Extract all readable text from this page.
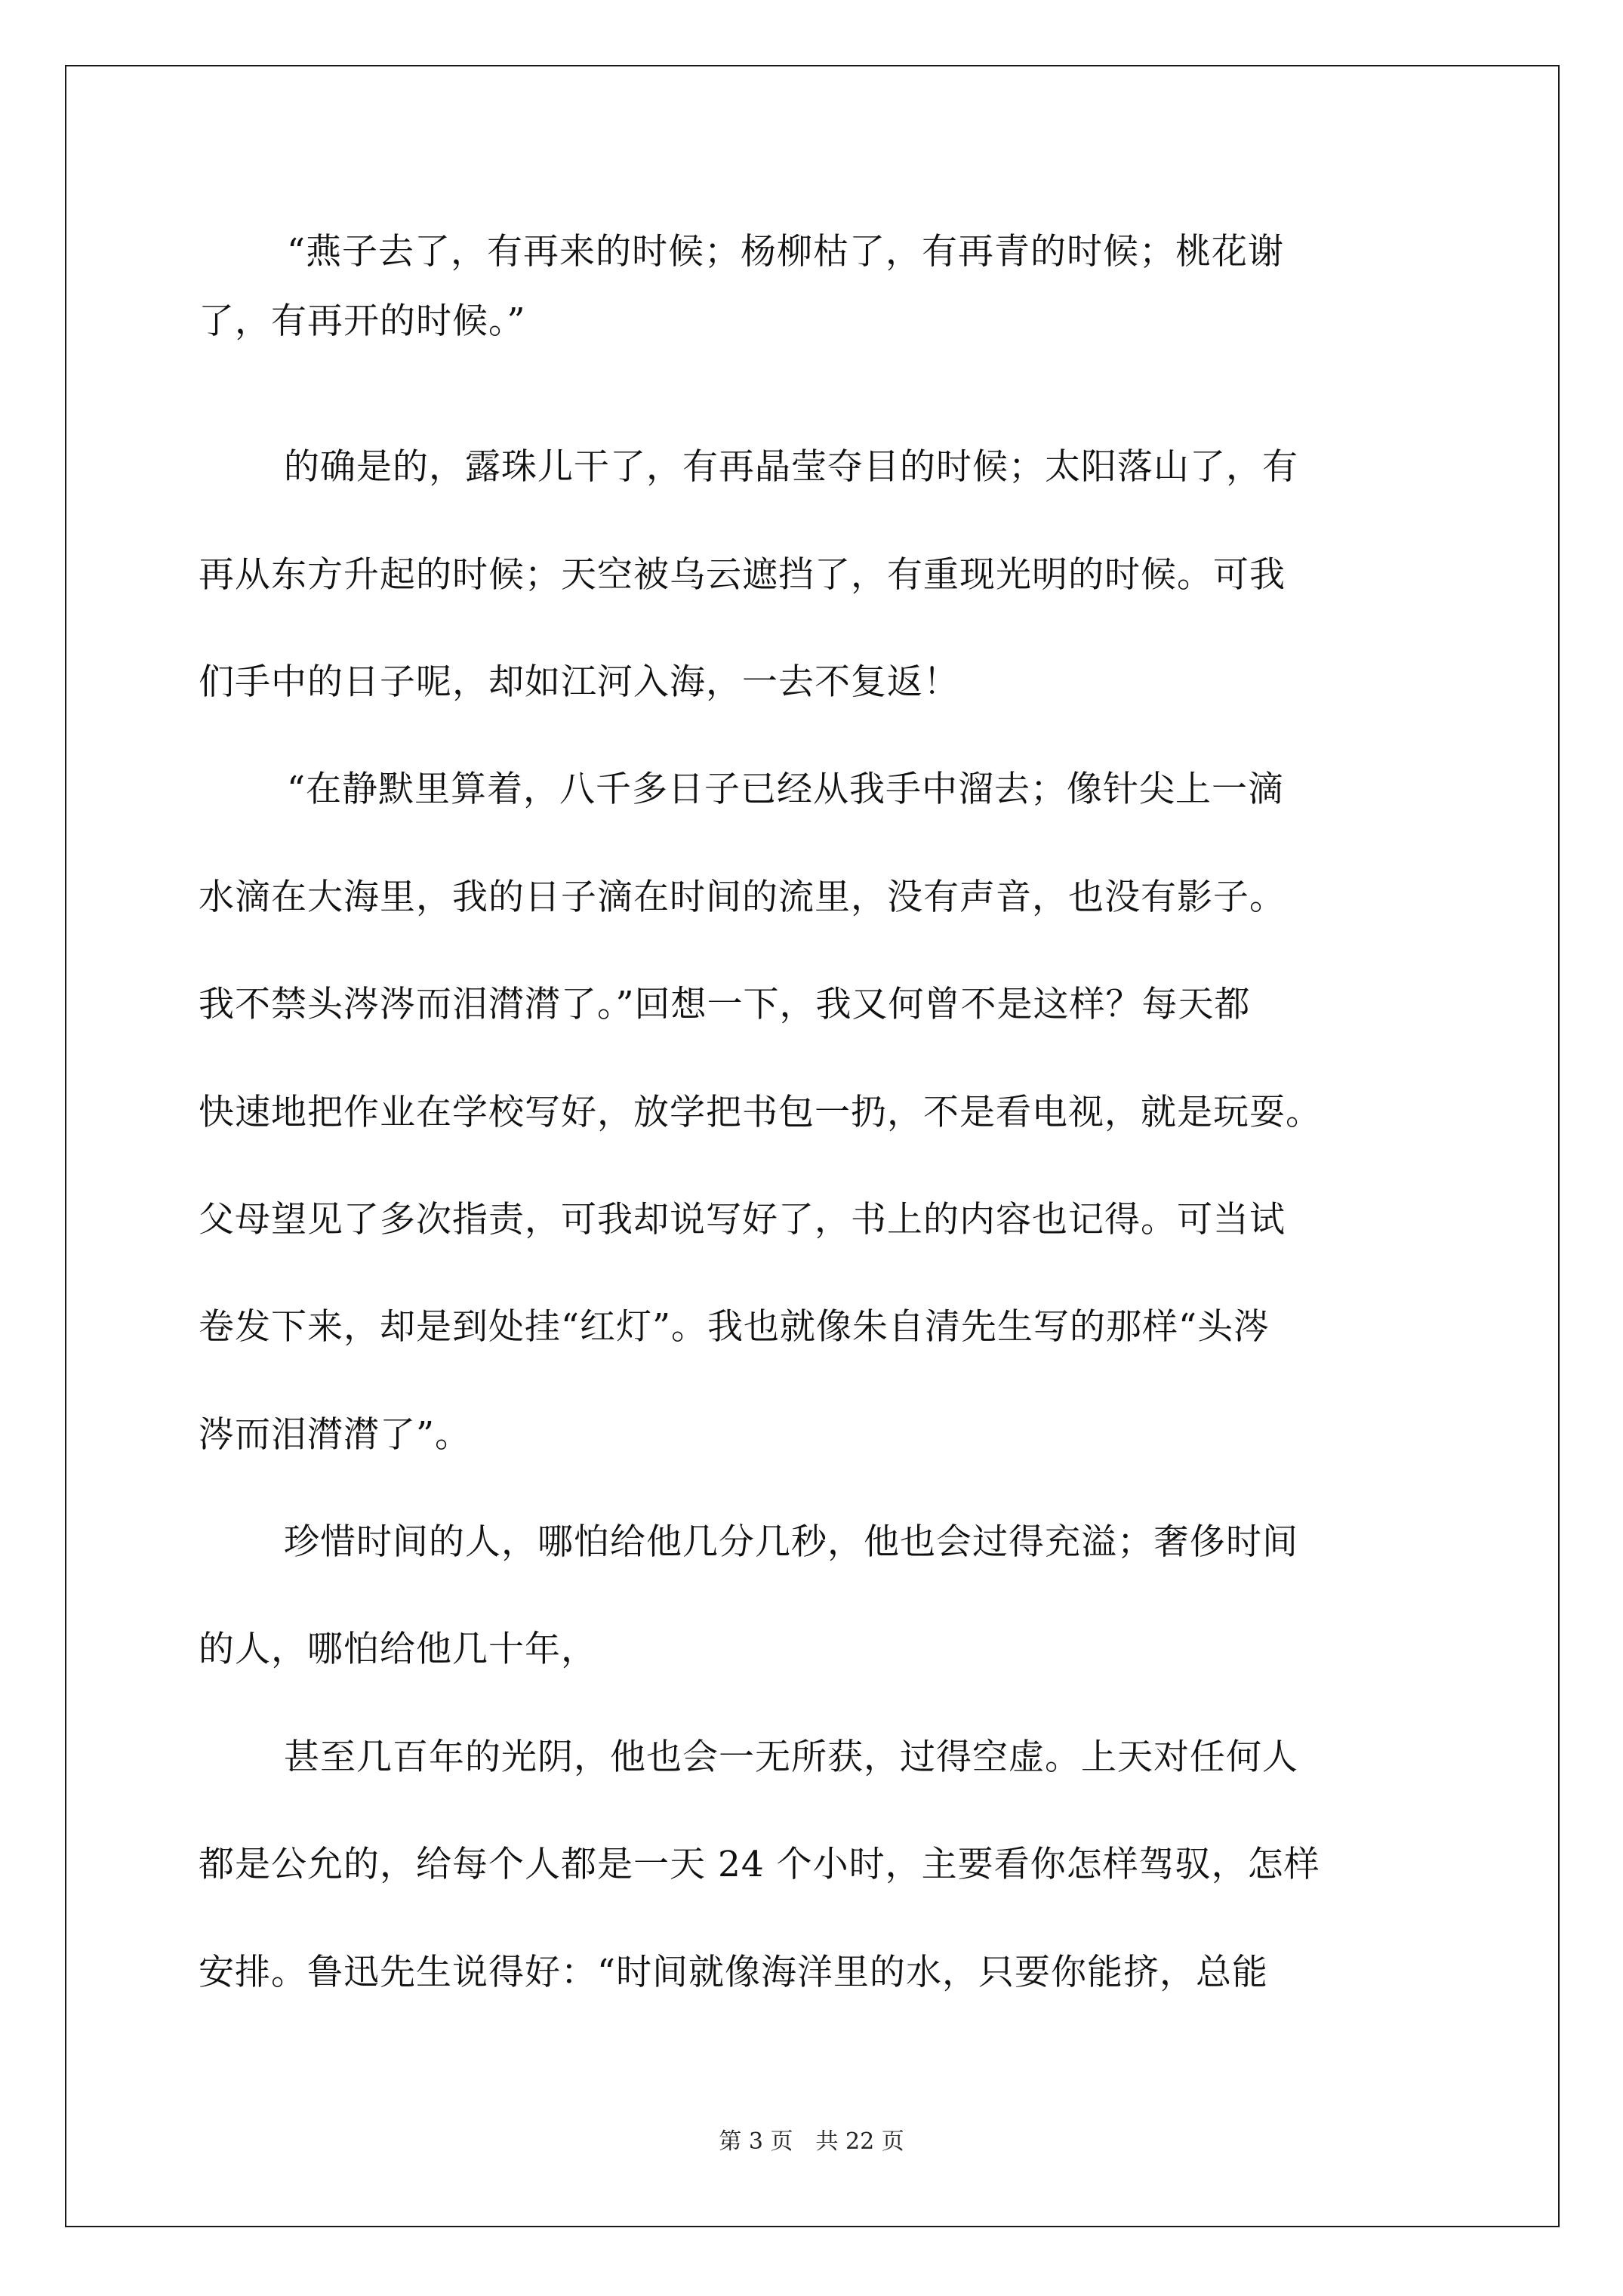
“燕子去了，有再来的时候；杨柳枯了，有再青的时候；桃花谢
了，有再开的时候。”
的确是的，露珠儿干了，有再晶莹夺目的时候；太阳落山了，有
再从东方升起的时候；天空被乌云遮挡了，有重现光明的时候。可我
们手中的日子呢，却如江河入海，一去不复返！
“在静默里算着，八千多日子已经从我手中溜去；像针尖上一滴
水滴在大海里，我的日子滴在时间的流里，没有声音，也没有影子。
我不禁头涔涔而泪潸潸了。”回想一下，我又何曾不是这样？每天都
快速地把作业在学校写好，放学把书包一扔，不是看电视，就是玩耍。
父母望见了多次指责，可我却说写好了，书上的内容也记得。可当试
卷发下来，却是到处挂“红灯”。我也就像朱自清先生写的那样“头涔
涔而泪潸潸了”。
珍惜时间的人，哪怕给他几分几秒，他也会过得充溢；奢侈时间
的人，哪怕给他几十年，
甚至几百年的光阴，他也会一无所获，过得空虚。上天对任何人
都是公允的，给每个人都是一天 24 个小时，主要看你怎样驾驭，怎样
安排。鲁迅先生说得好：“时间就像海洋里的水，只要你能挤，总能
第 3 页　共 22 页
